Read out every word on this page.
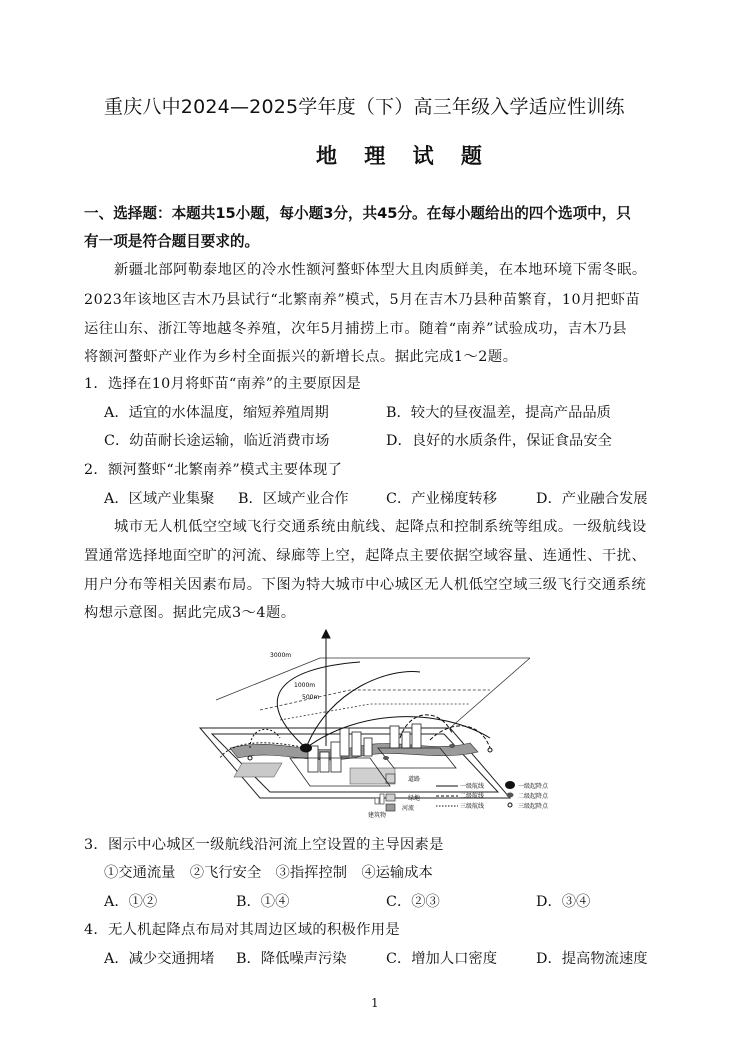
重庆八中2024—2025学年度（下）高三年级入学适应性训练
地 理 试 题
一、选择题：本题共15小题，每小题3分，共45分。在每小题给出的四个选项中，只
有一项是符合题目要求的。
新疆北部阿勒泰地区的冷水性额河螯虾体型大且肉质鲜美，在本地环境下需冬眠。
2023年该地区吉木乃县试行“北繁南养”模式，5月在吉木乃县种苗繁育，10月把虾苗
运往山东、浙江等地越冬养殖，次年5月捕捞上市。随着“南养”试验成功，吉木乃县
将额河螯虾产业作为乡村全面振兴的新增长点。据此完成1～2题。
1．选择在10月将虾苗“南养”的主要原因是
A．适宜的水体温度，缩短养殖周期	B．较大的昼夜温差，提高产品品质
C．幼苗耐长途运输，临近消费市场	D．良好的水质条件，保证食品安全
2．额河螯虾“北繁南养”模式主要体现了
A．区域产业集聚 B．区域产业合作	C．产业梯度转移	D．产业融合发展
城市无人机低空空域飞行交通系统由航线、起降点和控制系统等组成。一级航线设
置通常选择地面空旷的河流、绿廊等上空，起降点主要依据空域容量、连通性、干扰、
用户分布等相关因素布局。下图为特大城市中心城区无人机低空空域三级飞行交通系统
构想示意图。据此完成3～4题。
3000m
1000m
500m
道路
绿地
河流
建筑物
一级航线
二级航线
三级航线
一级起降点
二级起降点
三级起降点
3．图示中心城区一级航线沿河流上空设置的主导因素是
①交通流量　②飞行安全　③指挥控制　④运输成本
A．①②	B．①④	C．②③	D．③④
4．无人机起降点布局对其周边区域的积极作用是
A．减少交通拥堵 B．降低噪声污染	C．增加人口密度	D．提高物流速度
1
